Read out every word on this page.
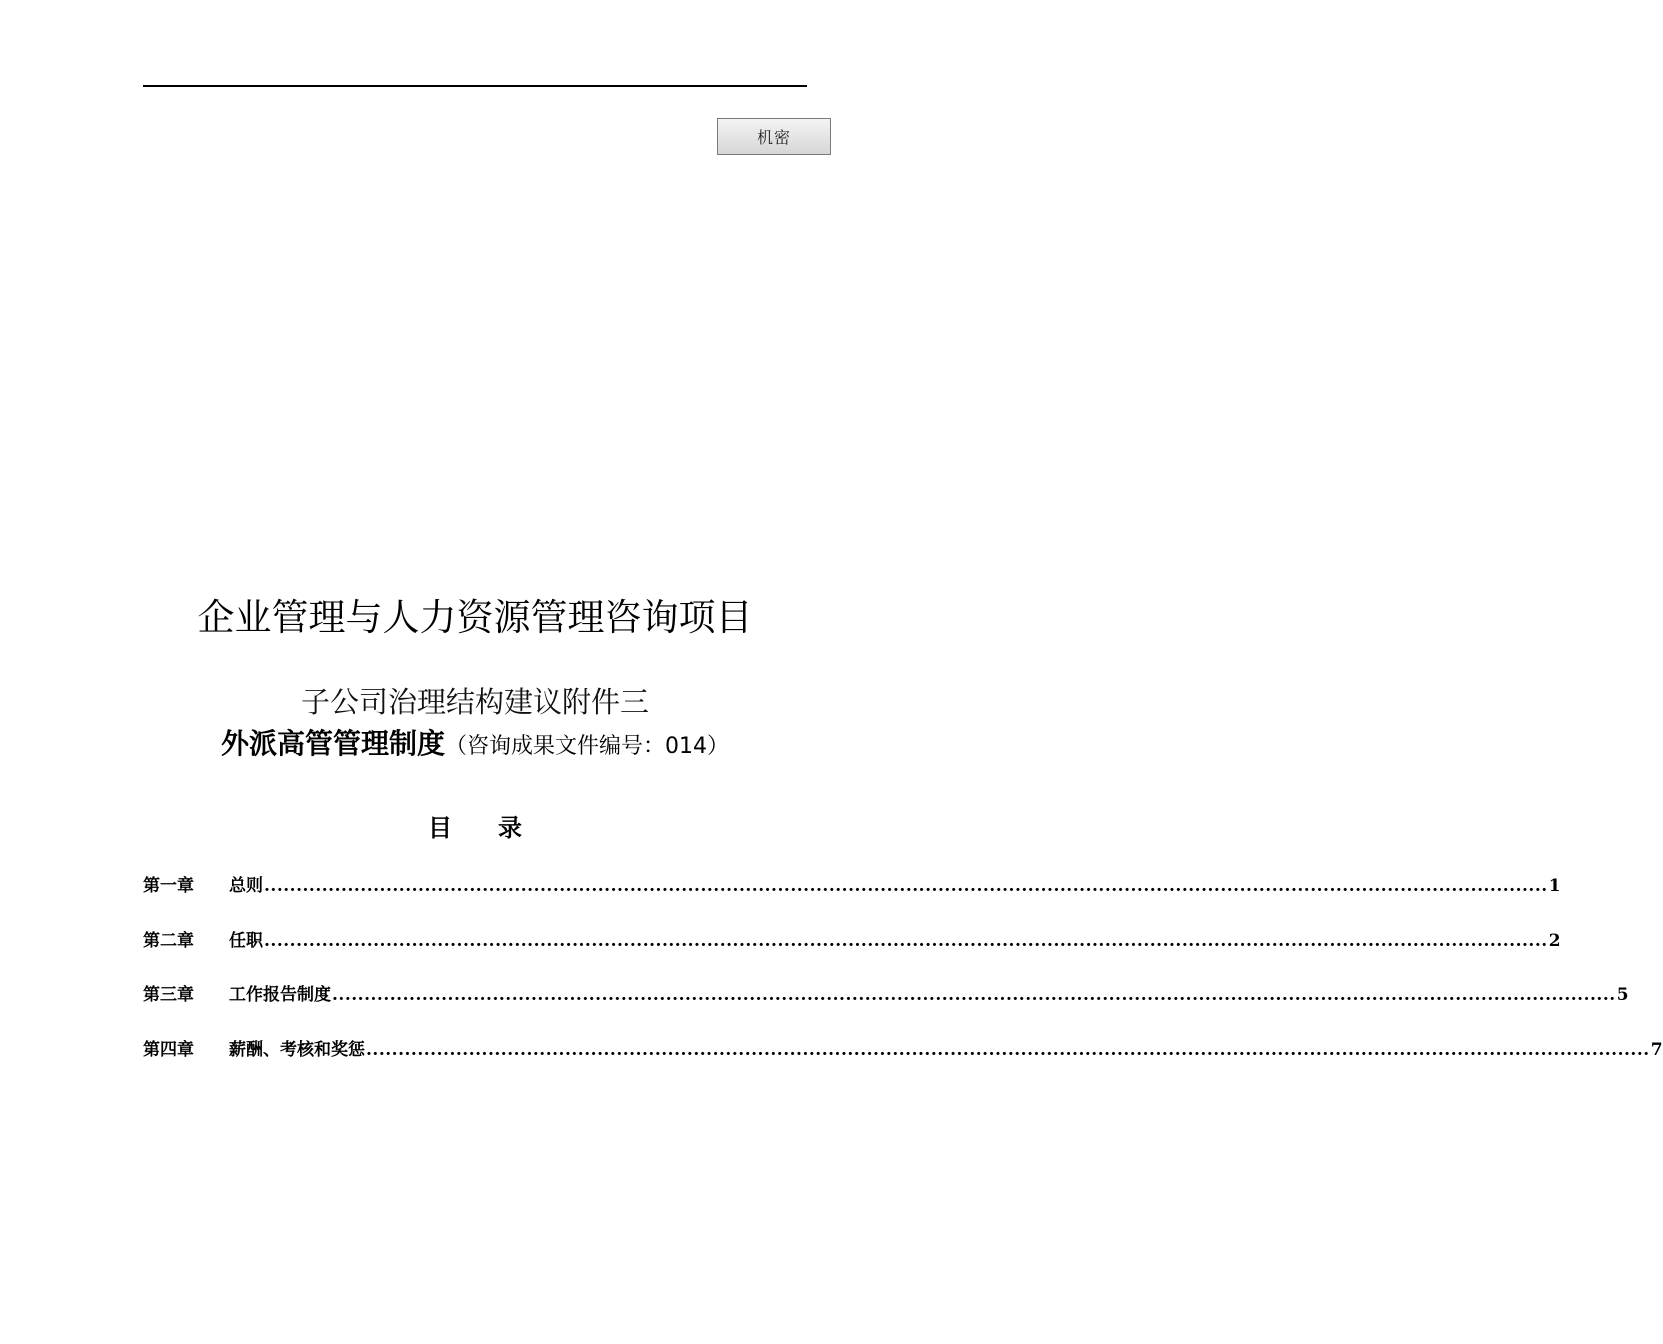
机密
企业管理与人力资源管理咨询项目
子公司治理结构建议附件三
外派高管管理制度（咨询成果文件编号：014）
目 录
第一章	总则 ........................................................................................................................................................................................................ 1
第二章	任职 ........................................................................................................................................................................................................ 2
第三章	工作报告制度 ........................................................................................................................................................................................................ 5
第四章	薪酬、考核和奖惩 ........................................................................................................................................................................................................ 7
